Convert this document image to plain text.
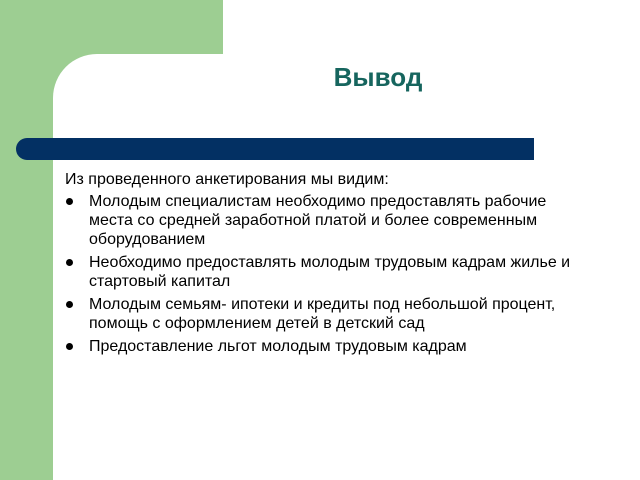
Вывод

Из проведенного анкетирования мы видим:

Молодым специалистам необходимо предоставлять рабочие места со средней заработной платой и более современным оборудованием
Необходимо предоставлять молодым трудовым кадрам жилье и стартовый капитал
Молодым семьям- ипотеки и кредиты под небольшой процент, помощь с оформлением детей в детский сад
Предоставление льгот молодым трудовым кадрам
